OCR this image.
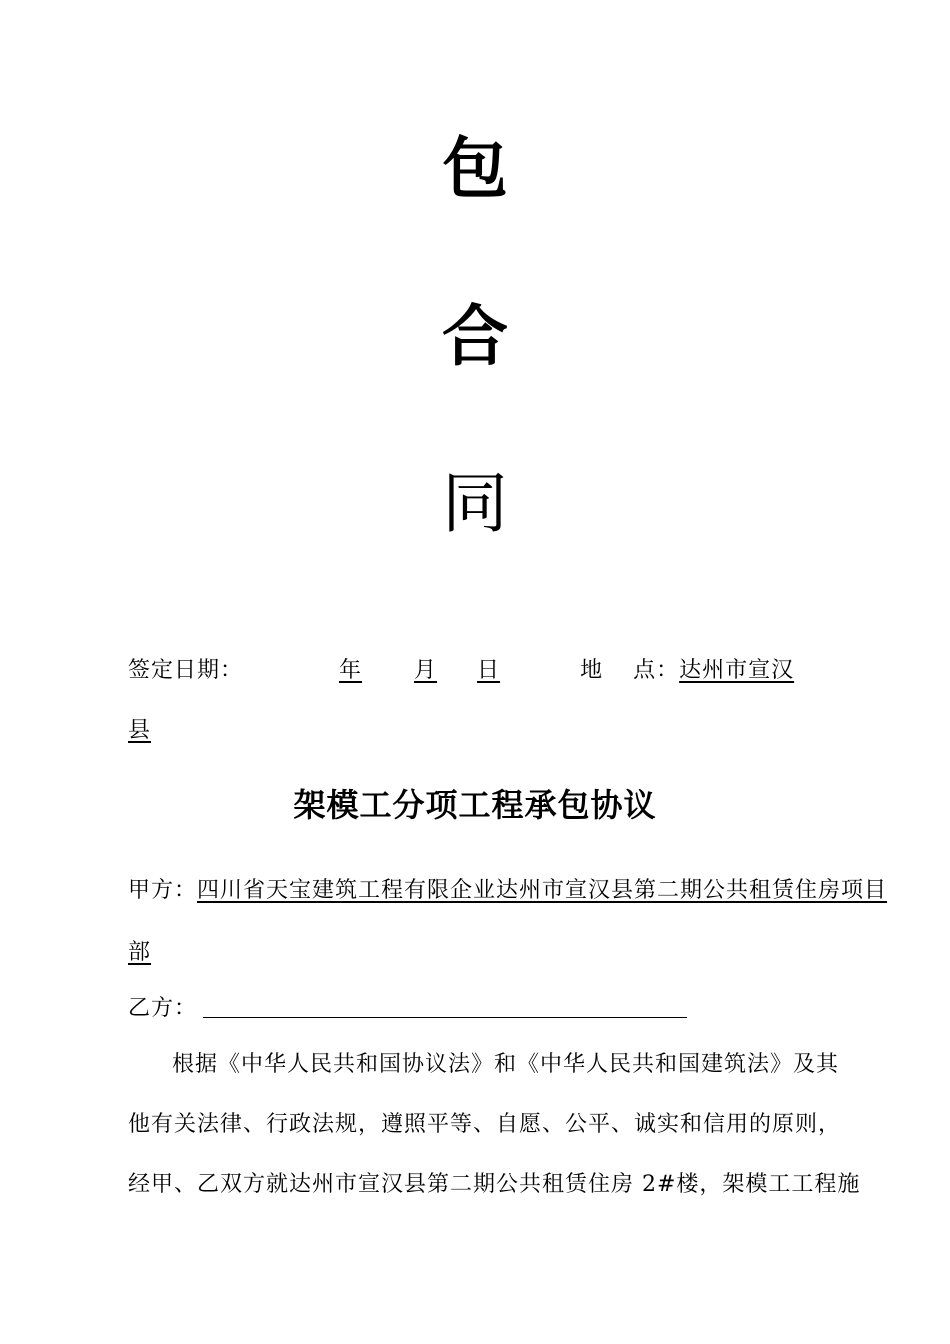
包
合
同
签定日期：	年 月 日	地 点：达州市宣汉
县
架模工分项工程承包协议
甲方：四川省天宝建筑工程有限企业达州市宣汉县第二期公共租赁住房项目
部
乙方：
根据《中华人民共和国协议法》和《中华人民共和国建筑法》及其
他有关法律、行政法规，遵照平等、自愿、公平、诚实和信用的原则，
经甲、乙双方就达州市宣汉县第二期公共租赁住房 2#楼，架模工工程施
